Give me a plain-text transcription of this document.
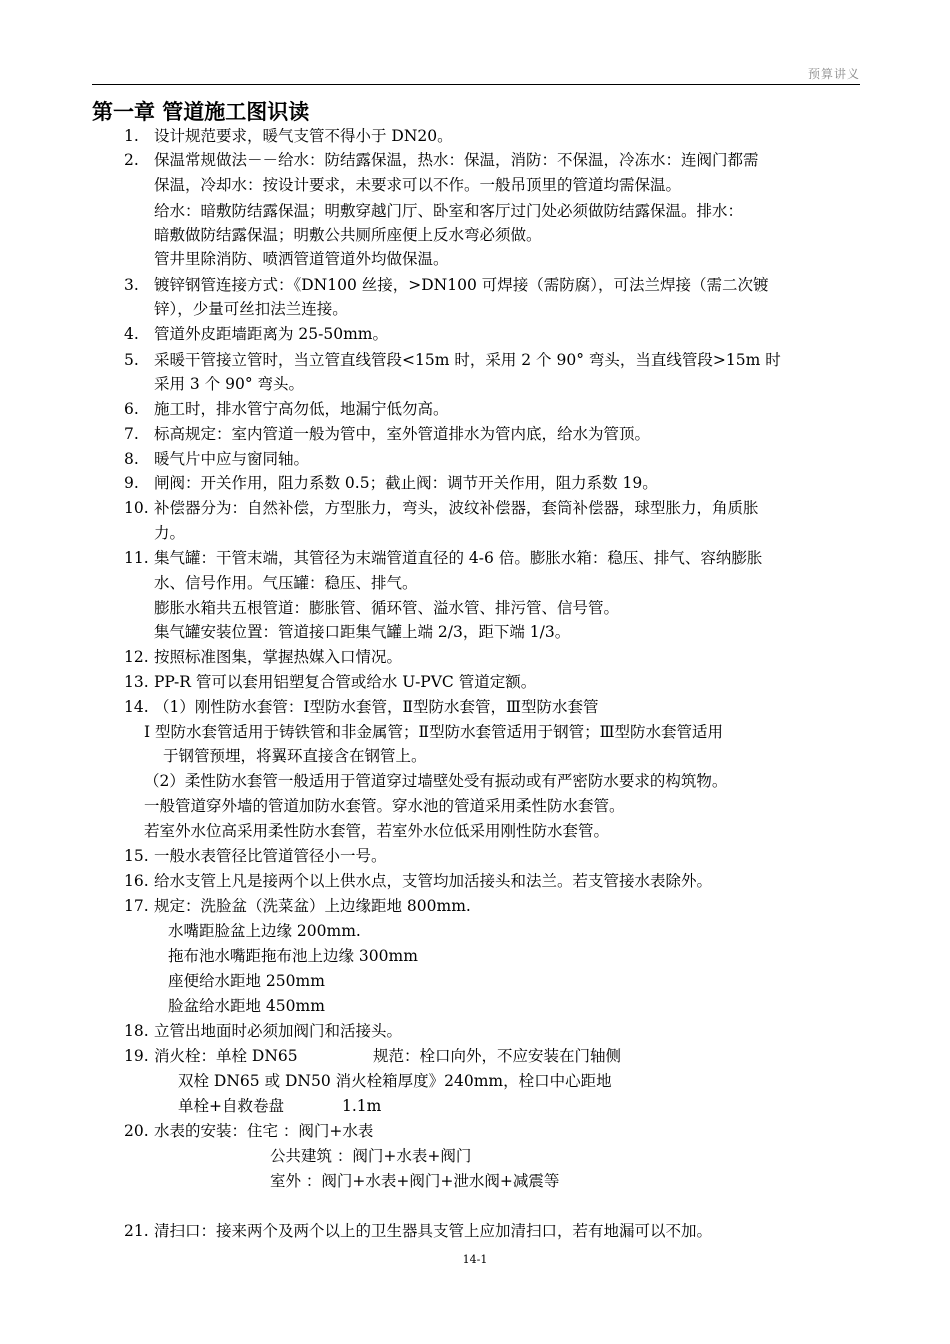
预算讲义
第一章 管道施工图识读
1. 设计规范要求，暖气支管不得小于 DN20。
2. 保温常规做法－－给水：防结露保温，热水：保温，消防：不保温，冷冻水：连阀门都需
保温，冷却水：按设计要求，未要求可以不作。一般吊顶里的管道均需保温。
给水：暗敷防结露保温；明敷穿越门厅、卧室和客厅过门处必须做防结露保温。排水：
暗敷做防结露保温；明敷公共厕所座便上反水弯必须做。
管井里除消防、喷洒管道管道外均做保温。
3. 镀锌钢管连接方式：《DN100 丝接，>DN100 可焊接（需防腐），可法兰焊接（需二次镀
锌），少量可丝扣法兰连接。
4. 管道外皮距墙距离为 25-50mm。
5. 采暖干管接立管时，当立管直线管段<15m 时，采用 2 个 90° 弯头，当直线管段>15m 时
采用 3 个 90° 弯头。
6. 施工时，排水管宁高勿低，地漏宁低勿高。
7. 标高规定：室内管道一般为管中，室外管道排水为管内底，给水为管顶。
8. 暖气片中应与窗同轴。
9. 闸阀：开关作用，阻力系数 0.5；截止阀：调节开关作用，阻力系数 19。
10. 补偿器分为：自然补偿，方型胀力，弯头，波纹补偿器，套筒补偿器，球型胀力，角质胀
力。
11. 集气罐：干管末端，其管径为末端管道直径的 4-6 倍。膨胀水箱：稳压、排气、容纳膨胀
水、信号作用。气压罐：稳压、排气。
膨胀水箱共五根管道：膨胀管、循环管、溢水管、排污管、信号管。
集气罐安装位置：管道接口距集气罐上端 2/3，距下端 1/3。
12. 按照标准图集，掌握热媒入口情况。
13. PP-R 管可以套用铝塑复合管或给水 U-PVC 管道定额。
14. （1）刚性防水套管：Ⅰ型防水套管，Ⅱ型防水套管，Ⅲ型防水套管
Ⅰ 型防水套管适用于铸铁管和非金属管；Ⅱ型防水套管适用于钢管；Ⅲ型防水套管适用
于钢管预埋，将翼环直接含在钢管上。
（2）柔性防水套管一般适用于管道穿过墙壁处受有振动或有严密防水要求的构筑物。
一般管道穿外墙的管道加防水套管。穿水池的管道采用柔性防水套管。
若室外水位高采用柔性防水套管，若室外水位低采用刚性防水套管。
15. 一般水表管径比管道管径小一号。
16. 给水支管上凡是接两个以上供水点，支管均加活接头和法兰。若支管接水表除外。
17. 规定：洗脸盆（洗菜盆）上边缘距地 800mm.
水嘴距脸盆上边缘 200mm.
拖布池水嘴距拖布池上边缘 300mm
座便给水距地 250mm
脸盆给水距地 450mm
18. 立管出地面时必须加阀门和活接头。
19. 消火栓：单栓 DN65	规范：栓口向外，不应安装在门轴侧
双栓 DN65 或 DN50 消火栓箱厚度》240mm，栓口中心距地
单栓+自救卷盘	1.1m
20. 水表的安装：住宅 ：阀门+水表
公共建筑 ：阀门+水表+阀门
室外 ：阀门+水表+阀门+泄水阀+减震等
21. 清扫口：接来两个及两个以上的卫生器具支管上应加清扫口，若有地漏可以不加。
14-1
